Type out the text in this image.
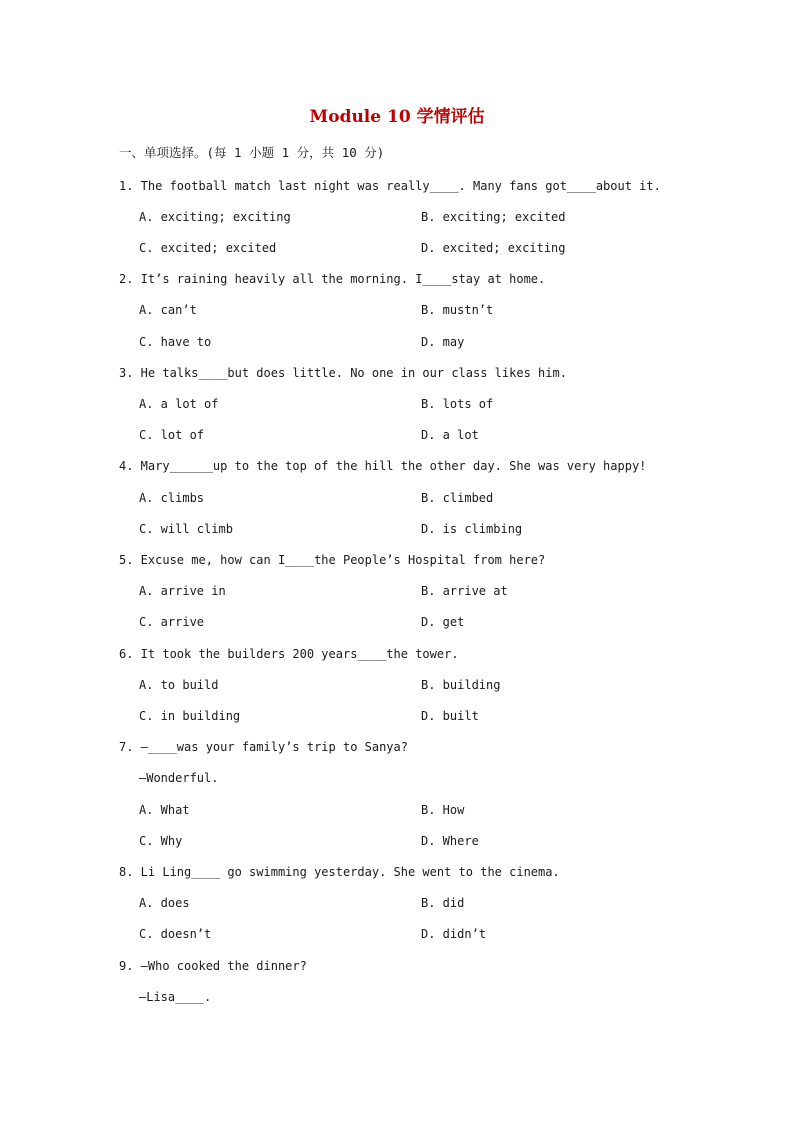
Module 10 学情评估
一、单项选择。(每 1 小题 1 分，共 10 分)
1. The football match last night was really____. Many fans got____about it.
A. exciting; exciting	B. exciting; excited
C. excited; excited	D. excited; exciting
2. It’s raining heavily all the morning. I____stay at home.
A. can’t	B. mustn’t
C. have to	D. may
3. He talks____but does little. No one in our class likes him.
A. a lot of	B. lots of
C. lot of	D. a lot
4. Mary______up to the top of the hill the other day. She was very happy!
A. climbs	B. climbed
C. will climb	D. is climbing
5. Excuse me, how can I____the People’s Hospital from here?
A. arrive in	B. arrive at
C. arrive	D. get
6. It took the builders 200 years____the tower.
A. to build	B. building
C. in building	D. built
7. —____was your family’s trip to Sanya?
—Wonderful.
A. What	B. How
C. Why	D. Where
8. Li Ling____ go swimming yesterday. She went to the cinema.
A. does	B. did
C. doesn’t	D. didn’t
9. —Who cooked the dinner?
—Lisa____.
